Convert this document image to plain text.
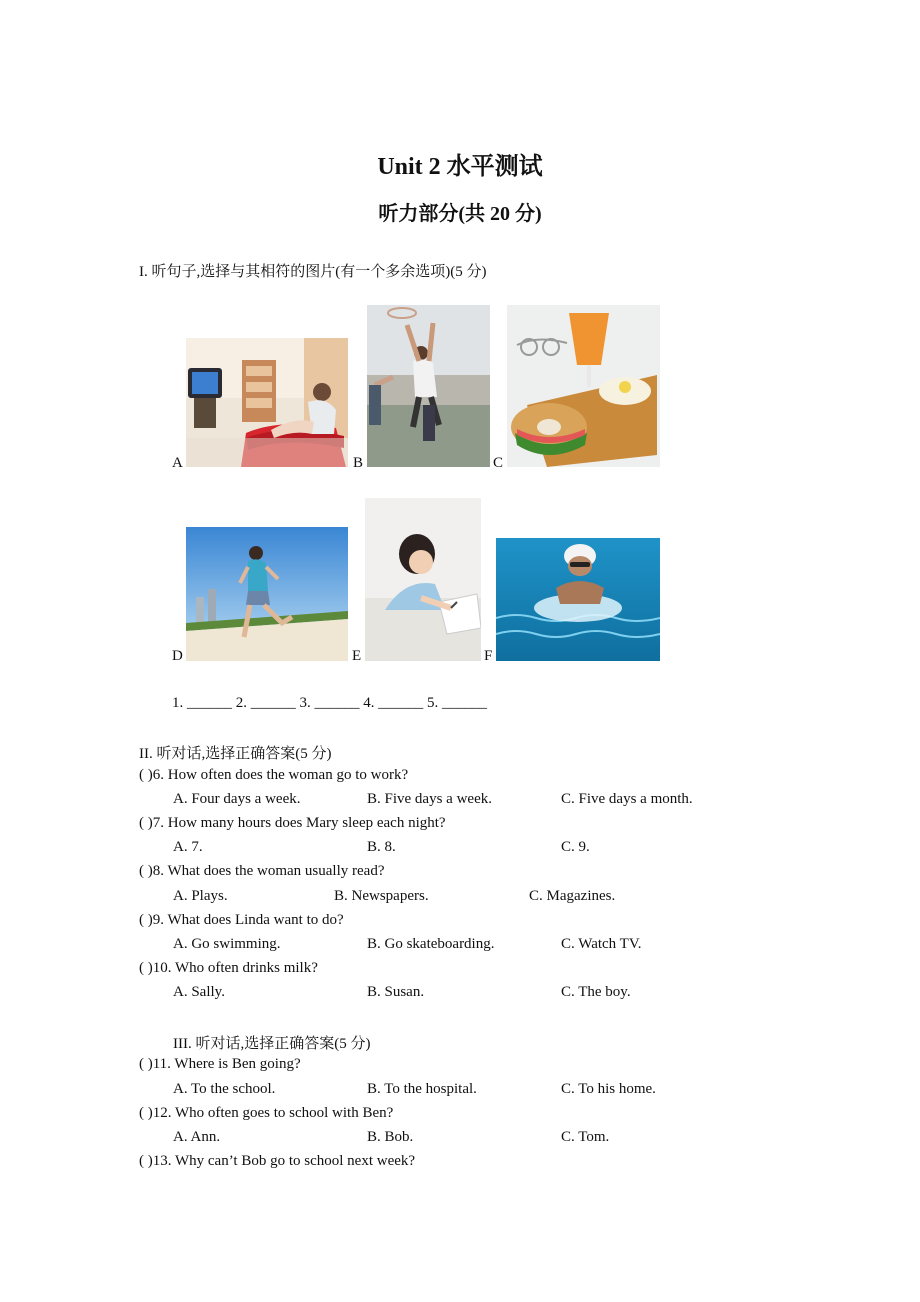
Unit 2 水平测试
听力部分(共 20 分)
I. 听句子,选择与其相符的图片(有一个多余选项)(5 分)
A	B	C
D	E	F
1. ______ 2. ______ 3. ______ 4. ______ 5. ______
II. 听对话,选择正确答案(5 分)
( )6. How often does the woman go to work?
A. Four days a week.	B. Five days a week.	C. Five days a month.
( )7. How many hours does Mary sleep each night?
A. 7.	B. 8.	C. 9.
( )8. What does the woman usually read?
A. Plays.	B. Newspapers.	C. Magazines.
( )9. What does Linda want to do?
A. Go swimming.	B. Go skateboarding.	C. Watch TV.
( )10. Who often drinks milk?
A. Sally.	B. Susan.	C. The boy.
III. 听对话,选择正确答案(5 分)
( )11. Where is Ben going?
A. To the school.	B. To the hospital.	C. To his home.
( )12. Who often goes to school with Ben?
A. Ann.	B. Bob.	C. Tom.
( )13. Why can’t Bob go to school next week?
